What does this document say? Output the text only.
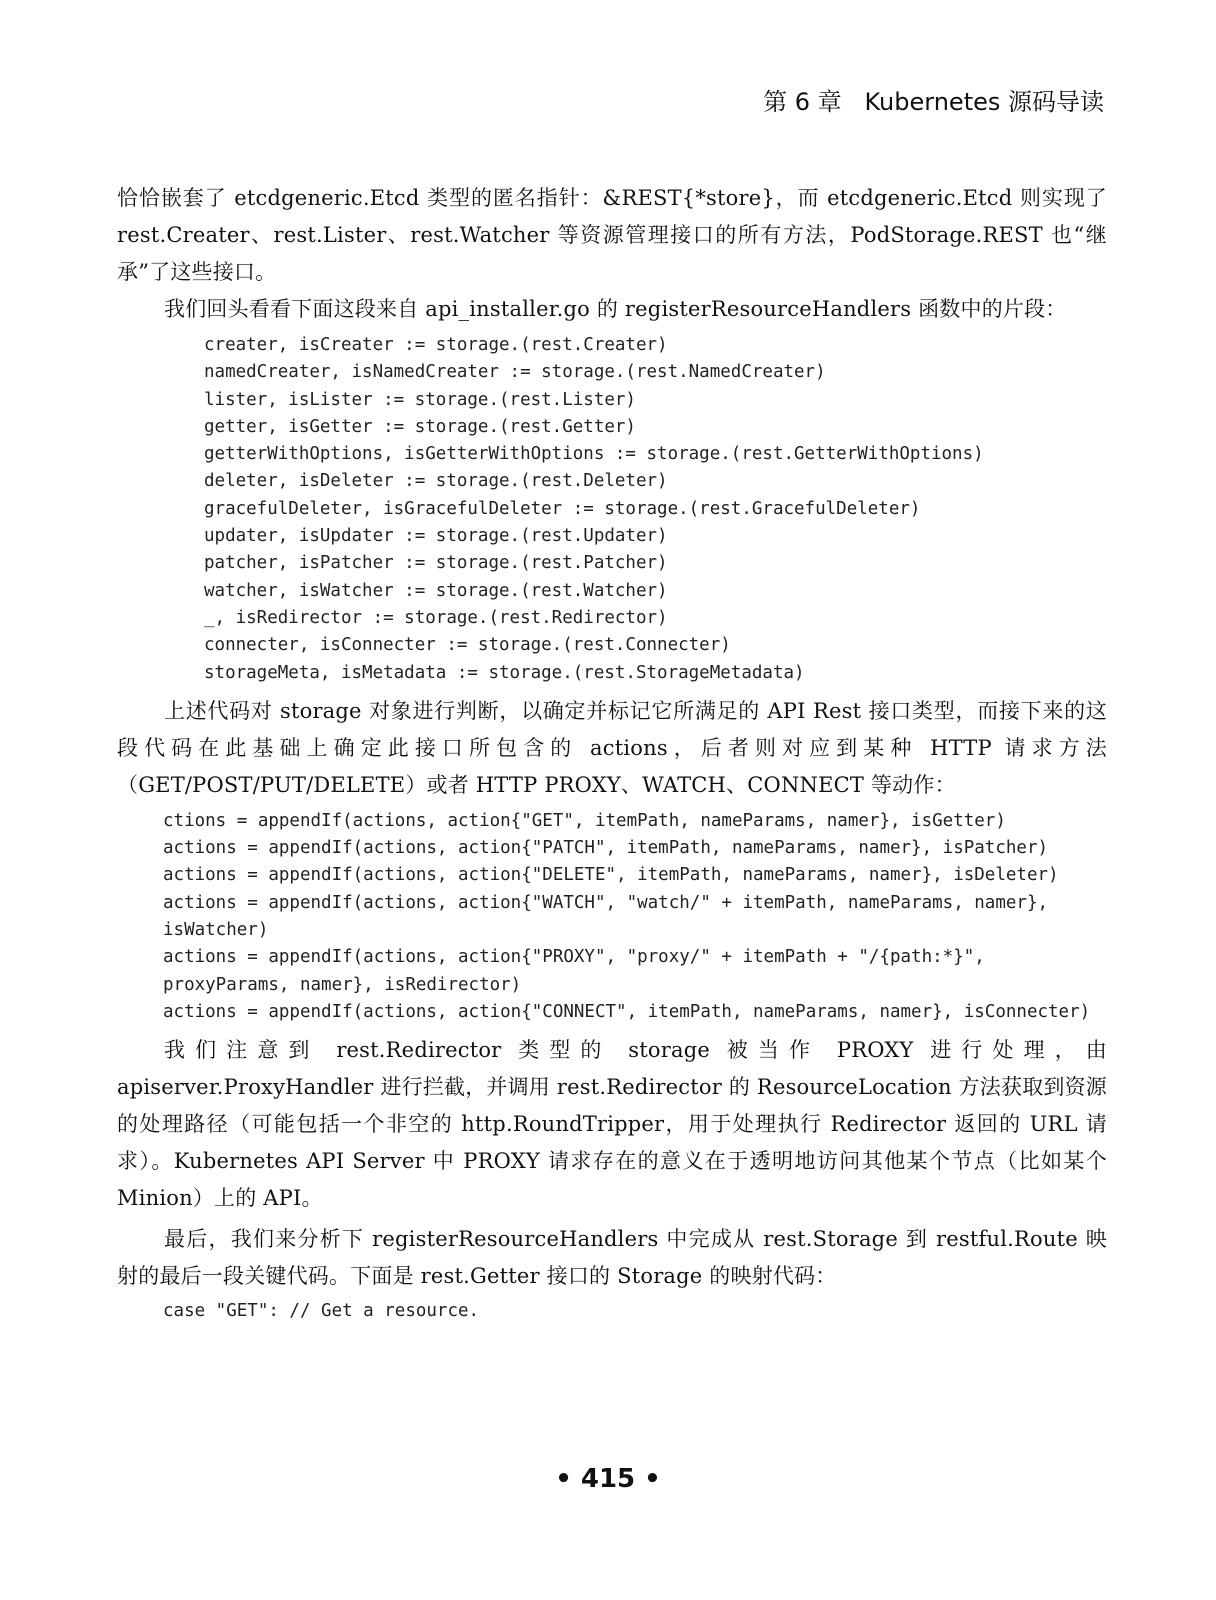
第 6 章 Kubernetes 源码导读

恰恰嵌套了 etcdgeneric.Etcd 类型的匿名指针：&REST{*store}，而 etcdgeneric.Etcd 则实现了 rest.Creater、rest.Lister、rest.Watcher 等资源管理接口的所有方法，PodStorage.REST 也“继承”了这些接口。

我们回头看看下面这段来自 api_installer.go 的 registerResourceHandlers 函数中的片段：

creater, isCreater := storage.(rest.Creater)
namedCreater, isNamedCreater := storage.(rest.NamedCreater)
lister, isLister := storage.(rest.Lister)
getter, isGetter := storage.(rest.Getter)
getterWithOptions, isGetterWithOptions := storage.(rest.GetterWithOptions)
deleter, isDeleter := storage.(rest.Deleter)
gracefulDeleter, isGracefulDeleter := storage.(rest.GracefulDeleter)
updater, isUpdater := storage.(rest.Updater)
patcher, isPatcher := storage.(rest.Patcher)
watcher, isWatcher := storage.(rest.Watcher)
_, isRedirector := storage.(rest.Redirector)
connecter, isConnecter := storage.(rest.Connecter)
storageMeta, isMetadata := storage.(rest.StorageMetadata)

上述代码对 storage 对象进行判断，以确定并标记它所满足的 API Rest 接口类型，而接下来的这段代码在此基础上确定此接口所包含的 actions，后者则对应到某种 HTTP 请求方法（GET/POST/PUT/DELETE）或者 HTTP PROXY、WATCH、CONNECT 等动作：

ctions = appendIf(actions, action{"GET", itemPath, nameParams, namer}, isGetter)
actions = appendIf(actions, action{"PATCH", itemPath, nameParams, namer}, isPatcher)
actions = appendIf(actions, action{"DELETE", itemPath, nameParams, namer}, isDeleter)
actions = appendIf(actions, action{"WATCH", "watch/" + itemPath, nameParams, namer}, isWatcher)
actions = appendIf(actions, action{"PROXY", "proxy/" + itemPath + "/{path:*}", proxyParams, namer}, isRedirector)
actions = appendIf(actions, action{"CONNECT", itemPath, nameParams, namer}, isConnecter)

我们注意到 rest.Redirector 类型的 storage 被当作 PROXY 进行处理，由 apiserver.ProxyHandler 进行拦截，并调用 rest.Redirector 的 ResourceLocation 方法获取到资源的处理路径（可能包括一个非空的 http.RoundTripper，用于处理执行 Redirector 返回的 URL 请求）。Kubernetes API Server 中 PROXY 请求存在的意义在于透明地访问其他某个节点（比如某个 Minion）上的 API。

最后，我们来分析下 registerResourceHandlers 中完成从 rest.Storage 到 restful.Route 映射的最后一段关键代码。下面是 rest.Getter 接口的 Storage 的映射代码：

case "GET": // Get a resource.
• 415 •
